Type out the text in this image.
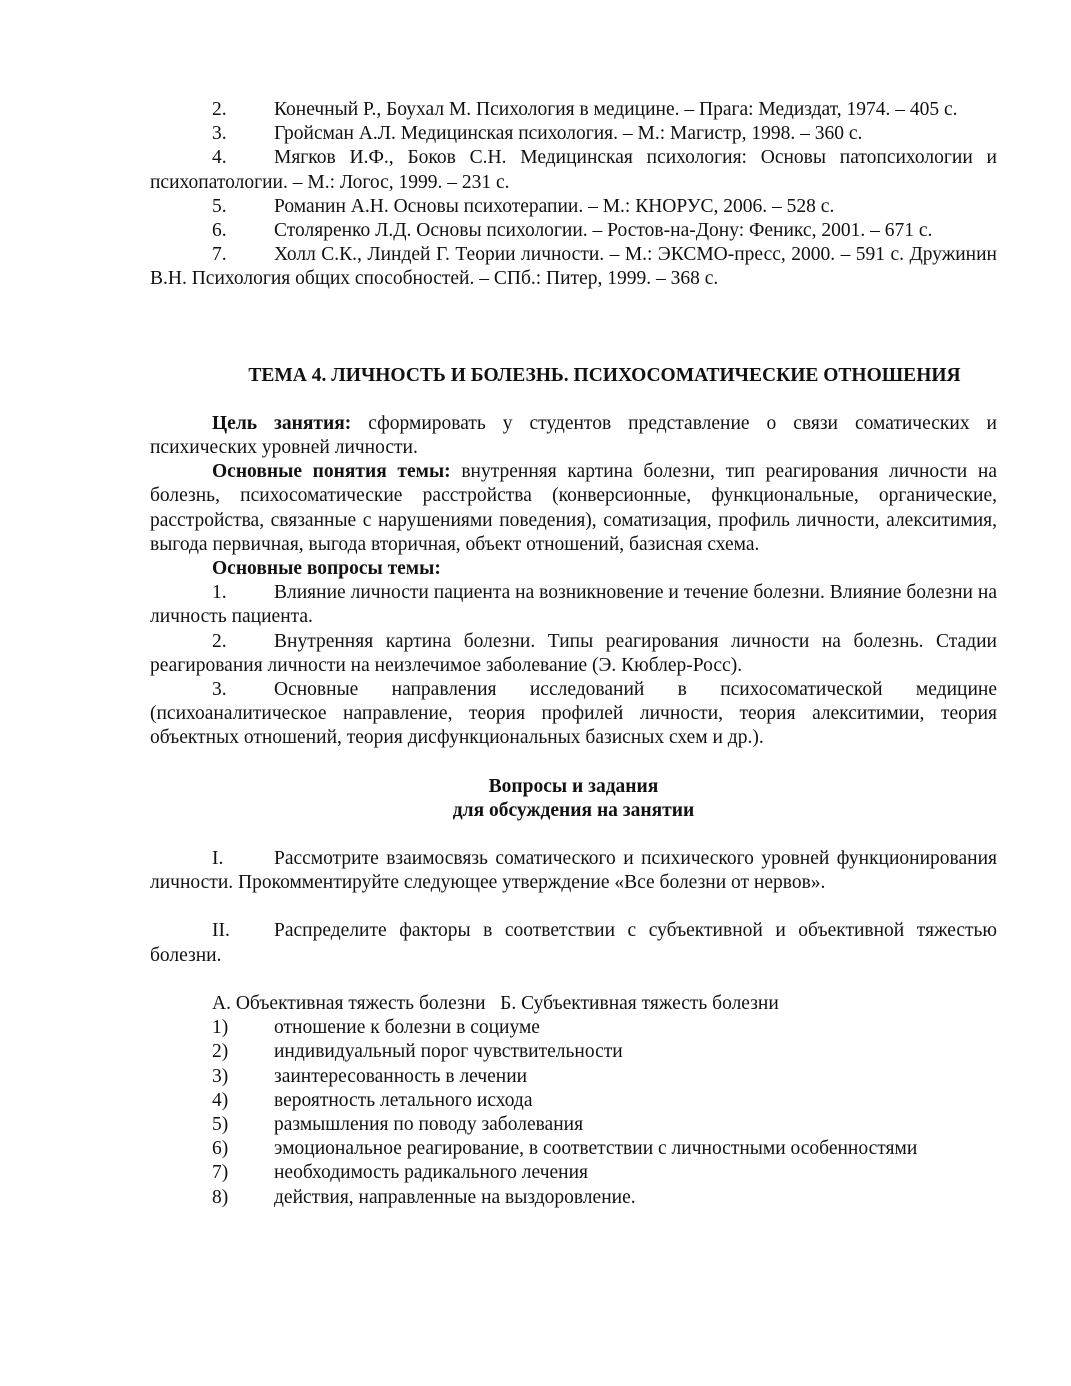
2. Конечный Р., Боухал М. Психология в медицине. – Прага: Медиздат, 1974. – 405 с.

3. Гройсман А.Л. Медицинская психология. – М.: Магистр, 1998. – 360 с.

4. Мягков И.Ф., Боков С.Н. Медицинская психология: Основы патопсихологии и психопатологии. – М.: Логос, 1999. – 231 с.

5. Романин А.Н. Основы психотерапии. – М.: КНОРУС, 2006. – 528 с.

6. Столяренко Л.Д. Основы психологии. – Ростов-на-Дону: Феникс, 2001. – 671 с.

7. Холл С.К., Линдей Г. Теории личности. – М.: ЭКСМО-пресс, 2000. – 591 с. Дружинин В.Н. Психология общих способностей. – СПб.: Питер, 1999. – 368 с.

ТЕМА 4. ЛИЧНОСТЬ И БОЛЕЗНЬ. ПСИХОСОМАТИЧЕСКИЕ ОТНОШЕНИЯ

Цель занятия: сформировать у студентов представление о связи соматических и психических уровней личности.

Основные понятия темы: внутренняя картина болезни, тип реагирования личности на болезнь, психосоматические расстройства (конверсионные, функциональные, органические, расстройства, связанные с нарушениями поведения), соматизация, профиль личности, алекситимия, выгода первичная, выгода вторичная, объект отношений, базисная схема.

Основные вопросы темы:

1. Влияние личности пациента на возникновение и течение болезни. Влияние болезни на личность пациента.

2. Внутренняя картина болезни. Типы реагирования личности на болезнь. Стадии реагирования личности на неизлечимое заболевание (Э. Кюблер-Росс).

3. Основные направления исследований в психосоматической медицине (психоаналитическое направление, теория профилей личности, теория алекситимии, теория объектных отношений, теория дисфункциональных базисных схем и др.).

Вопросы и задания

для обсуждения на занятии

I.	Рассмотрите взаимосвязь соматического и психического уровней функционирования личности. Прокомментируйте следующее утверждение «Все болезни от нервов».

II. Распределите факторы в соответствии с субъективной и объективной тяжестью болезни.

А. Объективная тяжесть болезни   Б. Субъективная тяжесть болезни

1)	отношение к болезни в социуме

2)	индивидуальный порог чувствительности

3)	заинтересованность в лечении

4)	вероятность летального исхода

5)	размышления по поводу заболевания

6)	эмоциональное реагирование, в соответствии с личностными особенностями

7)	необходимость радикального лечения

8)	действия, направленные на выздоровление.
